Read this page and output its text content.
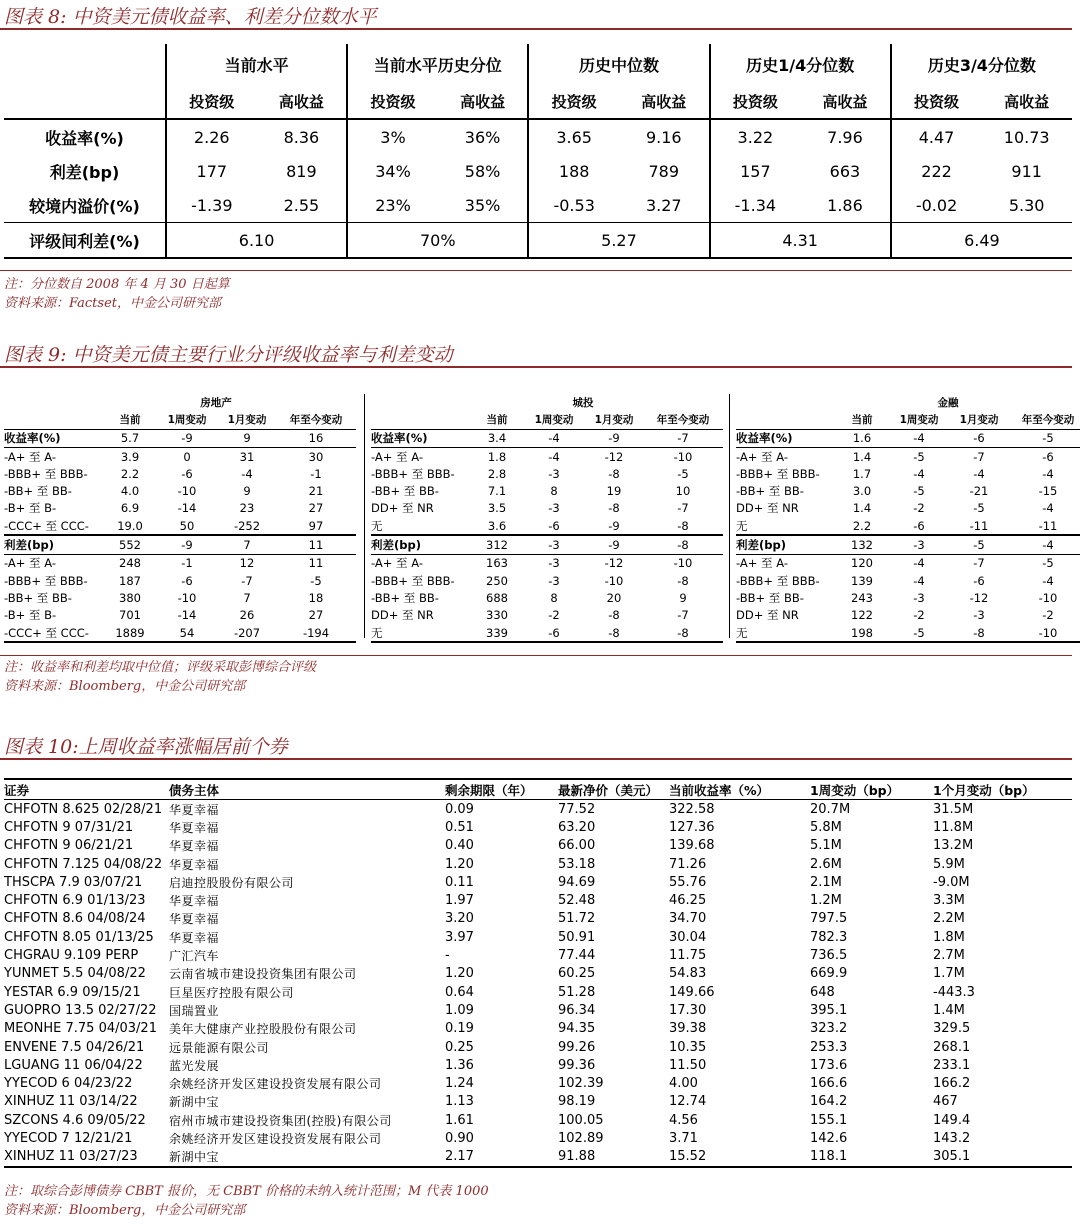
图表 8: 中资美元债收益率、利差分位数水平
	当前水平		当前水平历史分位		历史中位数		历史1/4分位数		历史3/4分位数	
	投资级	高收益	投资级	高收益	投资级	高收益	投资级	高收益	投资级	高收益
收益率(%)	2.26	8.36	3%	36%	3.65	9.16	3.22	7.96	4.47	10.73
利差(bp)	177	819	34%	58%	188	789	157	663	222	911
较境内溢价(%)	-1.39	2.55	23%	35%	-0.53	3.27	-1.34	1.86	-0.02	5.30
评级间利差(%)	6.10		70%		5.27		4.31		6.49	
注：分位数自 2008 年 4 月 30 日起算
资料来源：Factset，中金公司研究部
图表 9: 中资美元债主要行业分评级收益率与利差变动
		房地产		
	当前	1周变动	1月变动	年至今变动
收益率(%)	5.7	-9	9	16
-A+ 至 A-	3.9	0	31	30
-BBB+ 至 BBB-	2.2	-6	-4	-1
-BB+ 至 BB-	4.0	-10	9	21
-B+ 至 B-	6.9	-14	23	27
-CCC+ 至 CCC-	19.0	50	-252	97
利差(bp)	552	-9	7	11
-A+ 至 A-	248	-1	12	11
-BBB+ 至 BBB-	187	-6	-7	-5
-BB+ 至 BB-	380	-10	7	18
-B+ 至 B-	701	-14	26	27
-CCC+ 至 CCC-	1889	54	-207	-194
		城投		
	当前	1周变动	1月变动	年至今变动
收益率(%)	3.4	-4	-9	-7
-A+ 至 A-	1.8	-4	-12	-10
-BBB+ 至 BBB-	2.8	-3	-8	-5
-BB+ 至 BB-	7.1	8	19	10
DD+ 至 NR	3.5	-3	-8	-7
无	3.6	-6	-9	-8
利差(bp)	312	-3	-9	-8
-A+ 至 A-	163	-3	-12	-10
-BBB+ 至 BBB-	250	-3	-10	-8
-BB+ 至 BB-	688	8	20	9
DD+ 至 NR	330	-2	-8	-7
无	339	-6	-8	-8
		金融		
	当前	1周变动	1月变动	年至今变动
收益率(%)	1.6	-4	-6	-5
-A+ 至 A-	1.4	-5	-7	-6
-BBB+ 至 BBB-	1.7	-4	-4	-4
-BB+ 至 BB-	3.0	-5	-21	-15
DD+ 至 NR	1.4	-2	-5	-4
无	2.2	-6	-11	-11
利差(bp)	132	-3	-5	-4
-A+ 至 A-	120	-4	-7	-5
-BBB+ 至 BBB-	139	-4	-6	-4
-BB+ 至 BB-	243	-3	-12	-10
DD+ 至 NR	122	-2	-3	-2
无	198	-5	-8	-10
注：收益率和利差均取中位值；评级采取彭博综合评级
资料来源：Bloomberg，中金公司研究部
图表 10:上周收益率涨幅居前个券
证券	债务主体	剩余期限（年）	最新净价（美元）	当前收益率（%）	1周变动（bp）	1个月变动（bp）
CHFOTN 8.625 02/28/21	华夏幸福	0.09	77.52	322.58	20.7M	31.5M
CHFOTN 9 07/31/21	华夏幸福	0.51	63.20	127.36	5.8M	11.8M
CHFOTN 9 06/21/21	华夏幸福	0.40	66.00	139.68	5.1M	13.2M
CHFOTN 7.125 04/08/22	华夏幸福	1.20	53.18	71.26	2.6M	5.9M
THSCPA 7.9 03/07/21	启迪控股股份有限公司	0.11	94.69	55.76	2.1M	-9.0M
CHFOTN 6.9 01/13/23	华夏幸福	1.97	52.48	46.25	1.2M	3.3M
CHFOTN 8.6 04/08/24	华夏幸福	3.20	51.72	34.70	797.5	2.2M
CHFOTN 8.05 01/13/25	华夏幸福	3.97	50.91	30.04	782.3	1.8M
CHGRAU 9.109 PERP	广汇汽车	-	77.44	11.75	736.5	2.7M
YUNMET 5.5 04/08/22	云南省城市建设投资集团有限公司	1.20	60.25	54.83	669.9	1.7M
YESTAR 6.9 09/15/21	巨星医疗控股有限公司	0.64	51.28	149.66	648	-443.3
GUOPRO 13.5 02/27/22	国瑞置业	1.09	96.34	17.30	395.1	1.4M
MEONHE 7.75 04/03/21	美年大健康产业控股股份有限公司	0.19	94.35	39.38	323.2	329.5
ENVENE 7.5 04/26/21	远景能源有限公司	0.25	99.26	10.35	253.3	268.1
LGUANG 11 06/04/22	蓝光发展	1.36	99.36	11.50	173.6	233.1
YYECOD 6 04/23/22	余姚经济开发区建设投资发展有限公司	1.24	102.39	4.00	166.6	166.2
XINHUZ 11 03/14/22	新湖中宝	1.13	98.19	12.74	164.2	467
SZCONS 4.6 09/05/22	宿州市城市建设投资集团(控股)有限公司	1.61	100.05	4.56	155.1	149.4
YYECOD 7 12/21/21	余姚经济开发区建设投资发展有限公司	0.90	102.89	3.71	142.6	143.2
XINHUZ 11 03/27/23	新湖中宝	2.17	91.88	15.52	118.1	305.1
注：取综合彭博债券 CBBT 报价，无 CBBT 价格的未纳入统计范围；M 代表 1000
资料来源：Bloomberg，中金公司研究部
